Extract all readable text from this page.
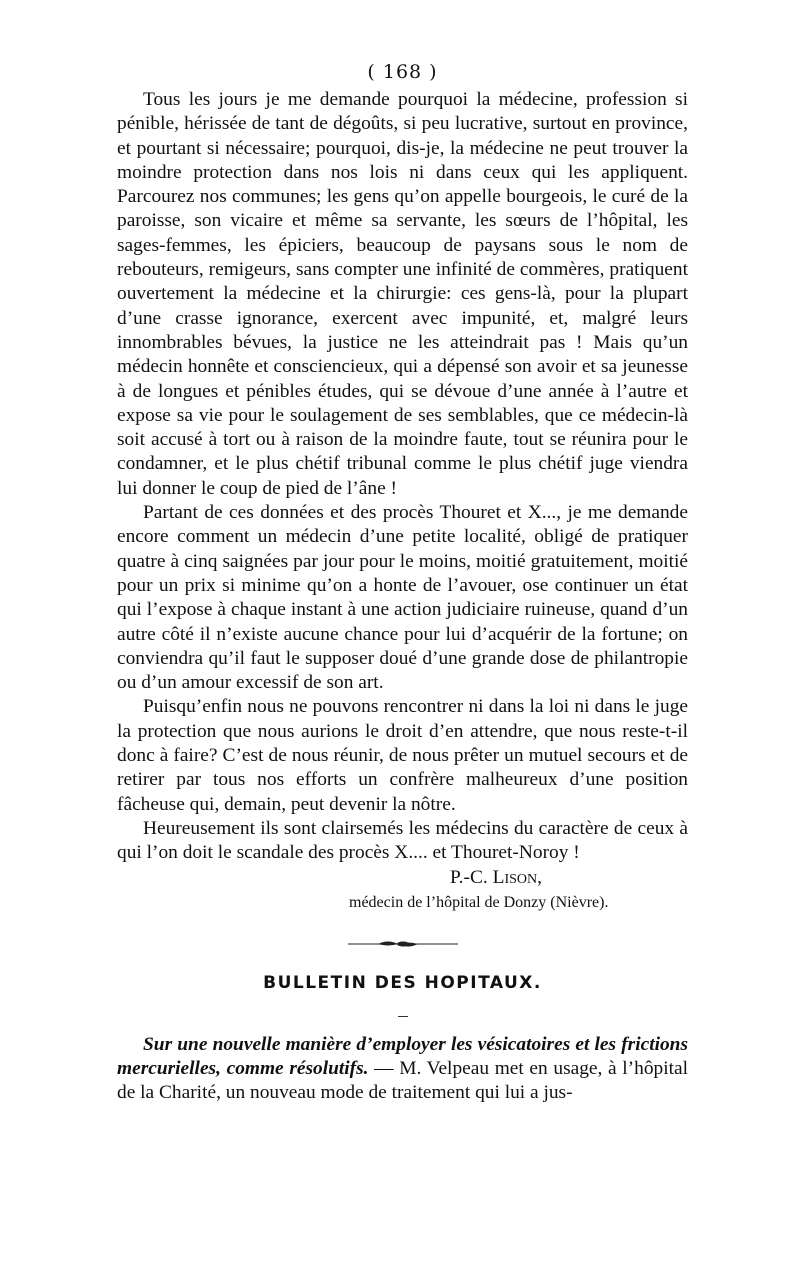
( 168 )

Tous les jours je me demande pourquoi la médecine, profession si pénible, hérissée de tant de dégoûts, si peu lucrative, surtout en province, et pourtant si nécessaire; pourquoi, dis-je, la médecine ne peut trouver la moindre protection dans nos lois ni dans ceux qui les appliquent. Parcourez nos communes; les gens qu’on appelle bourgeois, le curé de la paroisse, son vicaire et même sa servante, les sœurs de l’hôpital, les sages-femmes, les épiciers, beaucoup de paysans sous le nom de rebouteurs, remigeurs, sans compter une infinité de commères, pratiquent ouvertement la médecine et la chirurgie: ces gens-là, pour la plupart d’une crasse ignorance, exercent avec impunité, et, malgré leurs innombrables bévues, la justice ne les atteindrait pas ! Mais qu’un médecin honnête et consciencieux, qui a dépensé son avoir et sa jeunesse à de longues et pénibles études, qui se dévoue d’une année à l’autre et expose sa vie pour le soulagement de ses semblables, que ce médecin-là soit accusé à tort ou à raison de la moindre faute, tout se réunira pour le condamner, et le plus chétif tribunal comme le plus chétif juge viendra lui donner le coup de pied de l’âne !

Partant de ces données et des procès Thouret et X..., je me demande encore comment un médecin d’une petite localité, obligé de pratiquer quatre à cinq saignées par jour pour le moins, moitié gratuitement, moitié pour un prix si minime qu’on a honte de l’avouer, ose continuer un état qui l’expose à chaque instant à une action judiciaire ruineuse, quand d’un autre côté il n’existe aucune chance pour lui d’acquérir de la fortune; on conviendra qu’il faut le supposer doué d’une grande dose de philantropie ou d’un amour excessif de son art.

Puisqu’enfin nous ne pouvons rencontrer ni dans la loi ni dans le juge la protection que nous aurions le droit d’en attendre, que nous reste-t-il donc à faire? C’est de nous réunir, de nous prêter un mutuel secours et de retirer par tous nos efforts un confrère malheureux d’une position fâcheuse qui, demain, peut devenir la nôtre.

Heureusement ils sont clairsemés les médecins du caractère de ceux à qui l’on doit le scandale des procès X.... et Thouret-Noroy !

P.-C. Lison,

médecin de l’hôpital de Donzy (Nièvre).

BULLETIN DES HOPITAUX.

Sur une nouvelle manière d’employer les vésicatoires et les frictions mercurielles, comme résolutifs. — M. Velpeau met en usage, à l’hôpital de la Charité, un nouveau mode de traitement qui lui a jus-
